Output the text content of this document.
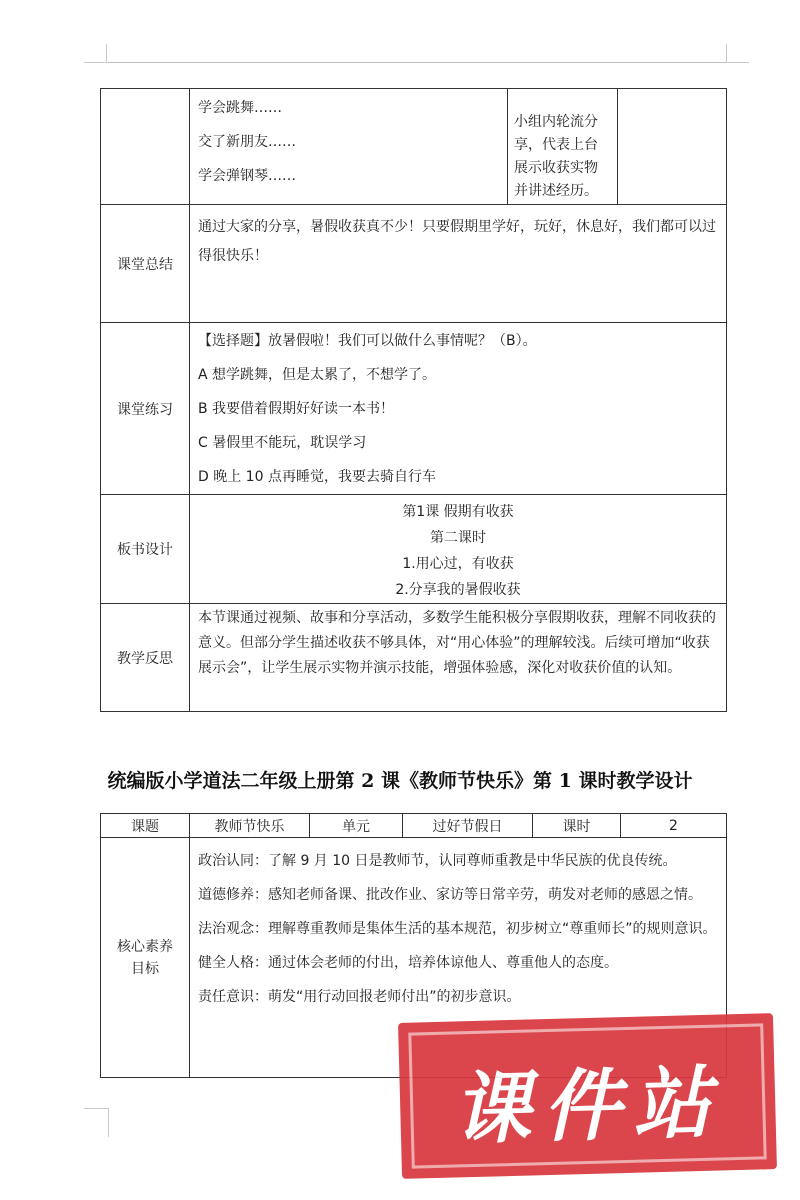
	学会跳舞……

交了新朋友……

学会弹钢琴……	小组内轮流分享，代表上台展示收获实物并讲述经历。	

课堂总结	通过大家的分享，暑假收获真不少！只要假期里学好，玩好，休息好，我们都可以过得很快乐！		

课堂练习	【选择题】放暑假啦！我们可以做什么事情呢？（B）。

A 想学跳舞，但是太累了，不想学了。

B 我要借着假期好好读一本书！

C 暑假里不能玩，耽误学习

D 晚上 10 点再睡觉，我要去骑自行车		

板书设计	第1课 假期有收获

第二课时

1.用心过，有收获

2.分享我的暑假收获		

教学反思	本节课通过视频、故事和分享活动，多数学生能积极分享假期收获，理解不同收获的意义。但部分学生描述收获不够具体，对“用心体验”的理解较浅。后续可增加“收获展示会”，让学生展示实物并演示技能，增强体验感，深化对收获价值的认知。		

统编版小学道法二年级上册第 2 课《教师节快乐》第 1 课时教学设计
课题	教师节快乐	单元	过好节假日	课时	2

核心素养目标	政治认同：了解 9 月 10 日是教师节，认同尊师重教是中华民族的优良传统。

道德修养：感知老师备课、批改作业、家访等日常辛劳，萌发对老师的感恩之情。

法治观念：理解尊重教师是集体生活的基本规范，初步树立“尊重师长”的规则意识。

健全人格：通过体会老师的付出，培养体谅他人、尊重他人的态度。

责任意识：萌发“用行动回报老师付出”的初步意识。				

课件站
